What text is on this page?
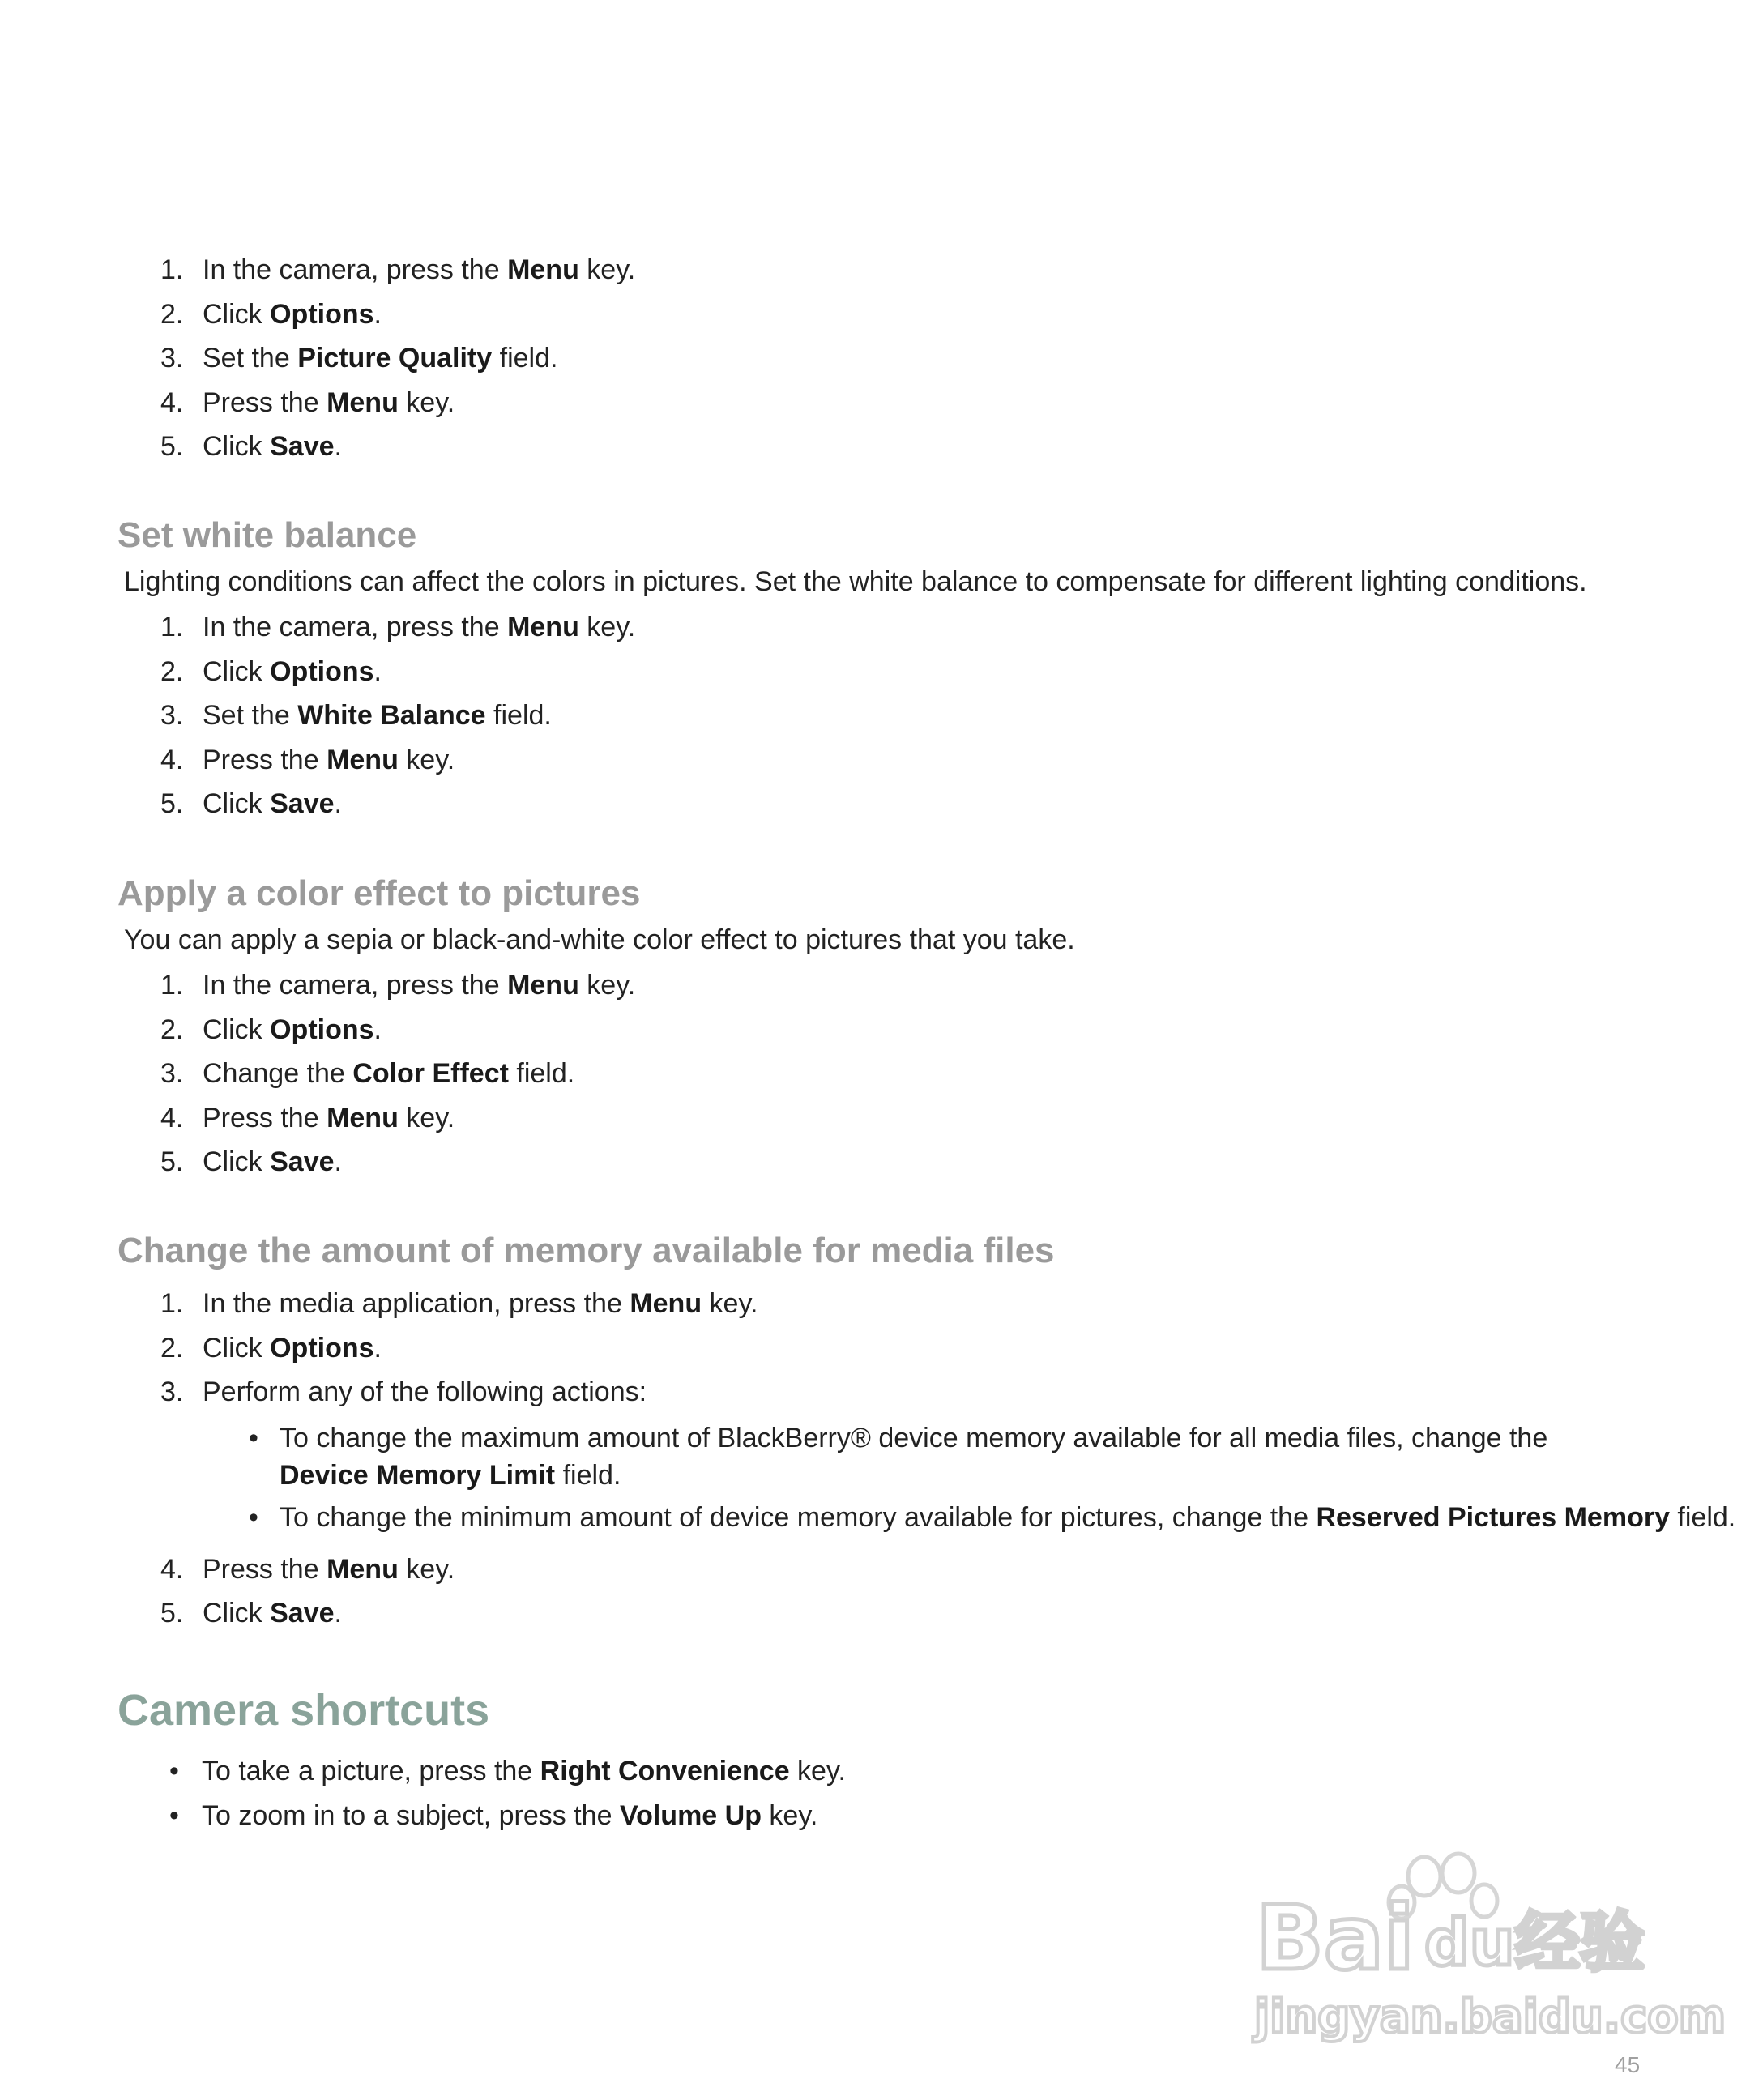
1. In the camera, press the Menu key.
2. Click Options.
3. Set the Picture Quality field.
4. Press the Menu key.
5. Click Save.
Set white balance
Lighting conditions can affect the colors in pictures. Set the white balance to compensate for different lighting conditions.
1. In the camera, press the Menu key.
2. Click Options.
3. Set the White Balance field.
4. Press the Menu key.
5. Click Save.
Apply a color effect to pictures
You can apply a sepia or black-and-white color effect to pictures that you take.
1. In the camera, press the Menu key.
2. Click Options.
3. Change the Color Effect field.
4. Press the Menu key.
5. Click Save.
Change the amount of memory available for media files
1. In the media application, press the Menu key.
2. Click Options.
3. Perform any of the following actions:
• To change the maximum amount of BlackBerry® device memory available for all media files, change the Device Memory Limit field.
• To change the minimum amount of device memory available for pictures, change the Reserved Pictures Memory field.
4. Press the Menu key.
5. Click Save.
Camera shortcuts
• To take a picture, press the Right Convenience key.
• To zoom in to a subject, press the Volume Up key.
Bai du 经验
jingyan.baidu.com
45
